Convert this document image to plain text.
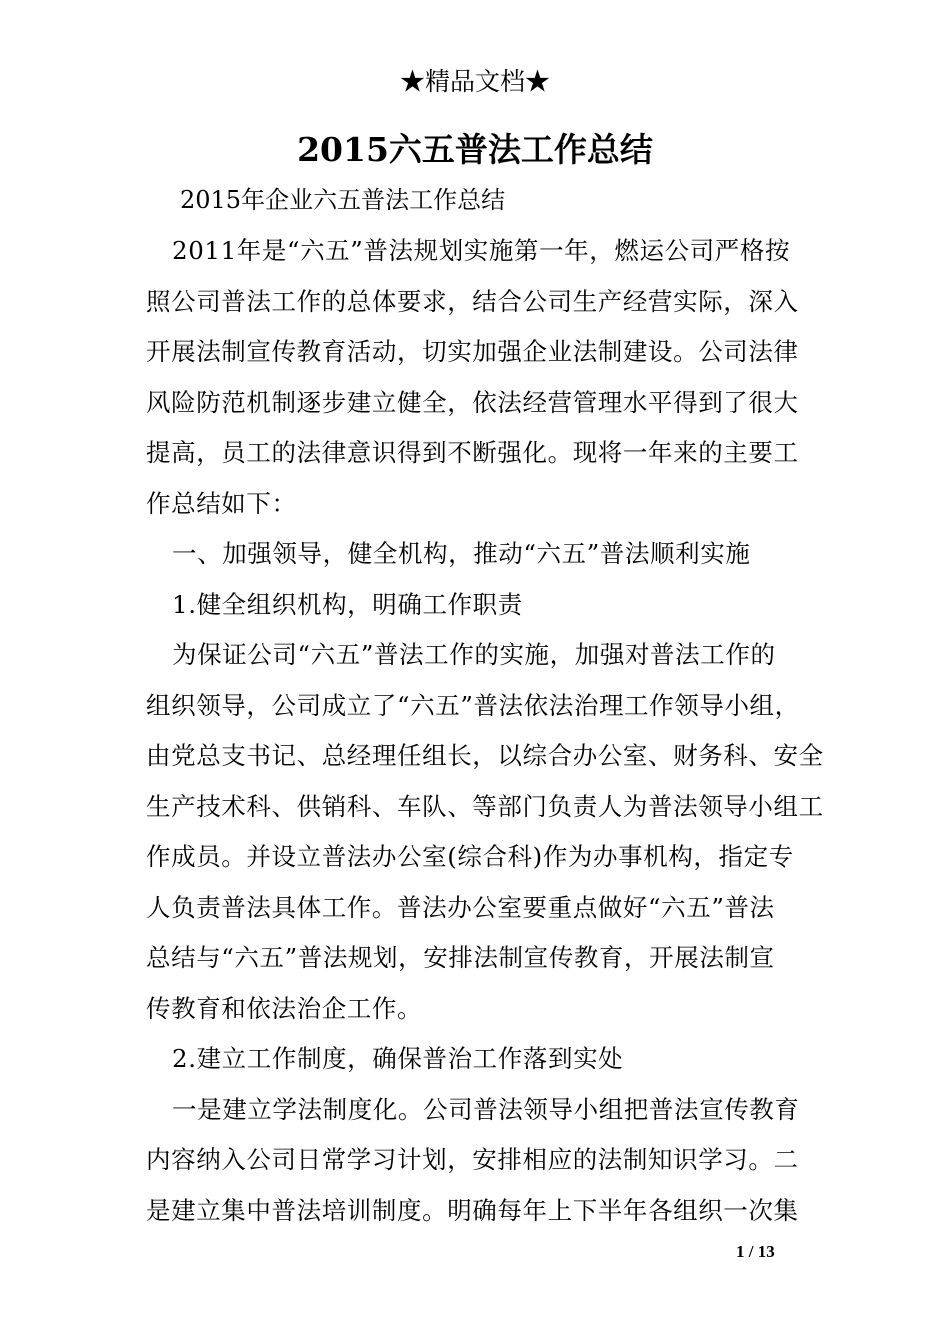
★精品文档★
2015六五普法工作总结
2015年企业六五普法工作总结
2011年是“六五”普法规划实施第一年，燃运公司严格按
照公司普法工作的总体要求，结合公司生产经营实际，深入
开展法制宣传教育活动，切实加强企业法制建设。公司法律
风险防范机制逐步建立健全，依法经营管理水平得到了很大
提高，员工的法律意识得到不断强化。现将一年来的主要工
作总结如下：
一、加强领导，健全机构，推动“六五”普法顺利实施
1.健全组织机构，明确工作职责
为保证公司“六五”普法工作的实施，加强对普法工作的
组织领导，公司成立了“六五”普法依法治理工作领导小组，
由党总支书记、总经理任组长，以综合办公室、财务科、安全
生产技术科、供销科、车队、等部门负责人为普法领导小组工
作成员。并设立普法办公室(综合科)作为办事机构，指定专
人负责普法具体工作。普法办公室要重点做好“六五”普法
总结与“六五”普法规划，安排法制宣传教育，开展法制宣
传教育和依法治企工作。
2.建立工作制度，确保普治工作落到实处
一是建立学法制度化。公司普法领导小组把普法宣传教育
内容纳入公司日常学习计划，安排相应的法制知识学习。二
是建立集中普法培训制度。明确每年上下半年各组织一次集
1 / 13
